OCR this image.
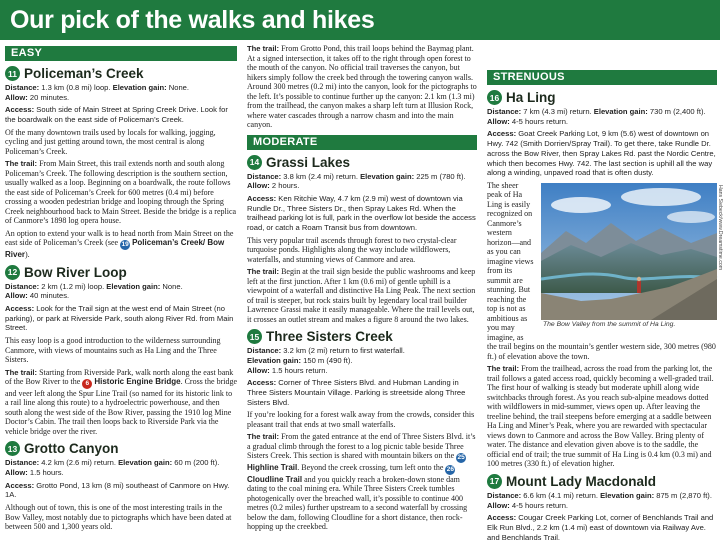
Our pick of the walks and hikes
EASY
11 Policeman’s Creek

Distance: 1.3 km (0.8 mi) loop. Elevation gain: None.
Allow: 20 minutes.

Access: South side of Main Street at Spring Creek Drive. Look for the boardwalk on the east side of Policeman’s Creek.

Of the many downtown trails used by locals for walking, jogging, cycling and just getting around town, the most central is along Policeman’s Creek.

The trail: From Main Street, this trail extends north and south along Policeman’s Creek. The following description is the southern section, usually walked as a loop. Beginning on a boardwalk, the route follows the east side of Policeman’s Creek for 600 metres (0.4 mi) before crossing a wooden pedestrian bridge and looping through the Spring Creek neighbourhood back to Main Street. Beside the bridge is a replica of Canmore’s 1898 log opera house.

An option to extend your walk is to head north from Main Street on the east side of Policeman’s Creek (see 19 Policeman’s Creek/ Bow River).

12 Bow River Loop

Distance: 2 km (1.2 mi) loop. Elevation gain: None.
Allow: 40 minutes.

Access: Look for the Trail sign at the west end of Main Street (no parking), or park at Riverside Park, south along River Rd. from Main Street.

This easy loop is a good introduction to the wilderness surrounding Canmore, with views of mountains such as Ha Ling and the Three Sisters.

The trail: Starting from Riverside Park, walk north along the east bank of the Bow River to the 6 Historic Engine Bridge. Cross the bridge and veer left along the Spur Line Trail (so named for its historic link to a rail line along this route) to a hydroelectric powerhouse, and then south along the west side of the Bow River, passing the 1910 log Mine Doctor’s Cabin. The trail then loops back to Riverside Park via the vehicle bridge over the river.

13 Grotto Canyon

Distance: 4.2 km (2.6 mi) return. Elevation gain: 60 m (200 ft).
Allow: 1.5 hours.

Access: Grotto Pond, 13 km (8 mi) southeast of Canmore on Hwy. 1A.

Although out of town, this is one of the most interesting trails in the Bow Valley, most notably due to pictographs which have been dated at between 500 and 1,300 years old.

The trail: From Grotto Pond, this trail loops behind the Baymag plant. At a signed intersection, it takes off to the right through open forest to the mouth of the canyon. No official trail traverses the canyon, but hikers simply follow the creek bed through the towering canyon walls. Around 300 metres (0.2 mi) into the canyon, look for the pictographs to the left. It’s possible to continue further up the canyon: 2.1 km (1.3 mi) from the trailhead, the canyon makes a sharp left turn at Illusion Rock, where water cascades through a narrow chasm and into the main canyon.

MODERATE
14 Grassi Lakes

Distance: 3.8 km (2.4 mi) return. Elevation gain: 225 m (780 ft).
Allow: 2 hours.

Access: Ken Ritchie Way, 4.7 km (2.9 mi) west of downtown via Rundle Dr., Three Sisters Dr., then Spray Lakes Rd. When the trailhead parking lot is full, park in the overflow lot beside the access road, or catch a Roam Transit bus from downtown.

This very popular trail ascends through forest to two crystal-clear turquoise ponds. Highlights along the way include wildflowers, waterfalls, and stunning views of Canmore and area.

The trail: Begin at the trail sign beside the public washrooms and keep left at the first junction. After 1 km (0.6 mi) of gentle uphill is a viewpoint of a waterfall and distinctive Ha Ling Peak. The next section of trail is steeper, but rock stairs built by legendary local trail builder Lawrence Grassi make it easily manageable. Where the trail levels out, it crosses an outlet stream and makes a figure 8 around the two lakes.

15 Three Sisters Creek

Distance: 3.2 km (2 mi) return to first waterfall.
Elevation gain: 150 m (490 ft).
Allow: 1.5 hours return.

Access: Corner of Three Sisters Blvd. and Hubman Landing in Three Sisters Mountain Village. Parking is streetside along Three Sisters Blvd.

If you’re looking for a forest walk away from the crowds, consider this pleasant trail that ends at two small waterfalls.

The trail: From the gated entrance at the end of Three Sisters Blvd. it’s a gradual climb through the forest to a log picnic table beside Three Sisters Creek. This section is shared with mountain bikers on the 25 Highline Trail. Beyond the creek crossing, turn left onto the 26 Cloudline Trail and you quickly reach a broken-down stone dam dating to the coal mining era. While Three Sisters Creek tumbles photogenically over the breached wall, it’s possible to continue 400 metres (0.2 miles) further upstream to a second waterfall by crossing below the dam, following Cloudline for a short distance, then rock-hopping up the creekbed.

STRENUOUS
16 Ha Ling

Distance: 7 km (4.3 mi) return. Elevation gain: 730 m (2,400 ft).
Allow: 4-5 hours return.

Access: Goat Creek Parking Lot, 9 km (5.6) west of downtown on Hwy. 742 (Smith Dorrien/Spray Trail). To get there, take Rundle Dr. across the Bow River, then Spray Lakes Rd. past the Nordic Centre, which then becomes Hwy. 742. The last section is uphill all the way along a winding, unpaved road that is often dusty.

The Bow Valley from the summit of Ha Ling.
Hans Siebeck/www.Dreamstime.com
The sheer peak of Ha Ling is easily recognized on Canmore’s western horizon—and as you can imagine views from its summit are stunning. But reaching the top is not as ambitious as you may imagine, as the trail begins on the mountain’s gentler western side, 300 metres (980 ft.) of elevation above the town.

The trail: From the trailhead, across the road from the parking lot, the trail follows a gated access road, quickly becoming a well-graded trail. The first hour of walking is steady but moderate uphill along wide switchbacks through forest. As you reach sub-alpine meadows dotted with wildflowers in mid-summer, views open up. After leaving the treeline behind, the trail steepens before emerging at a saddle between Ha Ling and Miner’s Peak, where you are rewarded with spectacular views down to Canmore and across the Bow Valley. Bring plenty of water. The distance and elevation given above is to the saddle, the official end of trail; the true summit of Ha Ling is 0.4 km (0.3 mi) and 100 metres (330 ft.) of elevation higher.

17 Mount Lady Macdonald

Distance: 6.6 km (4.1 mi) return. Elevation gain: 875 m (2,870 ft).
Allow: 4-5 hours return.

Access: Cougar Creek Parking Lot, corner of Benchlands Trail and Elk Run Blvd., 2.2 km (1.4 mi) east of downtown via Railway Ave. and Benchlands Trail.
